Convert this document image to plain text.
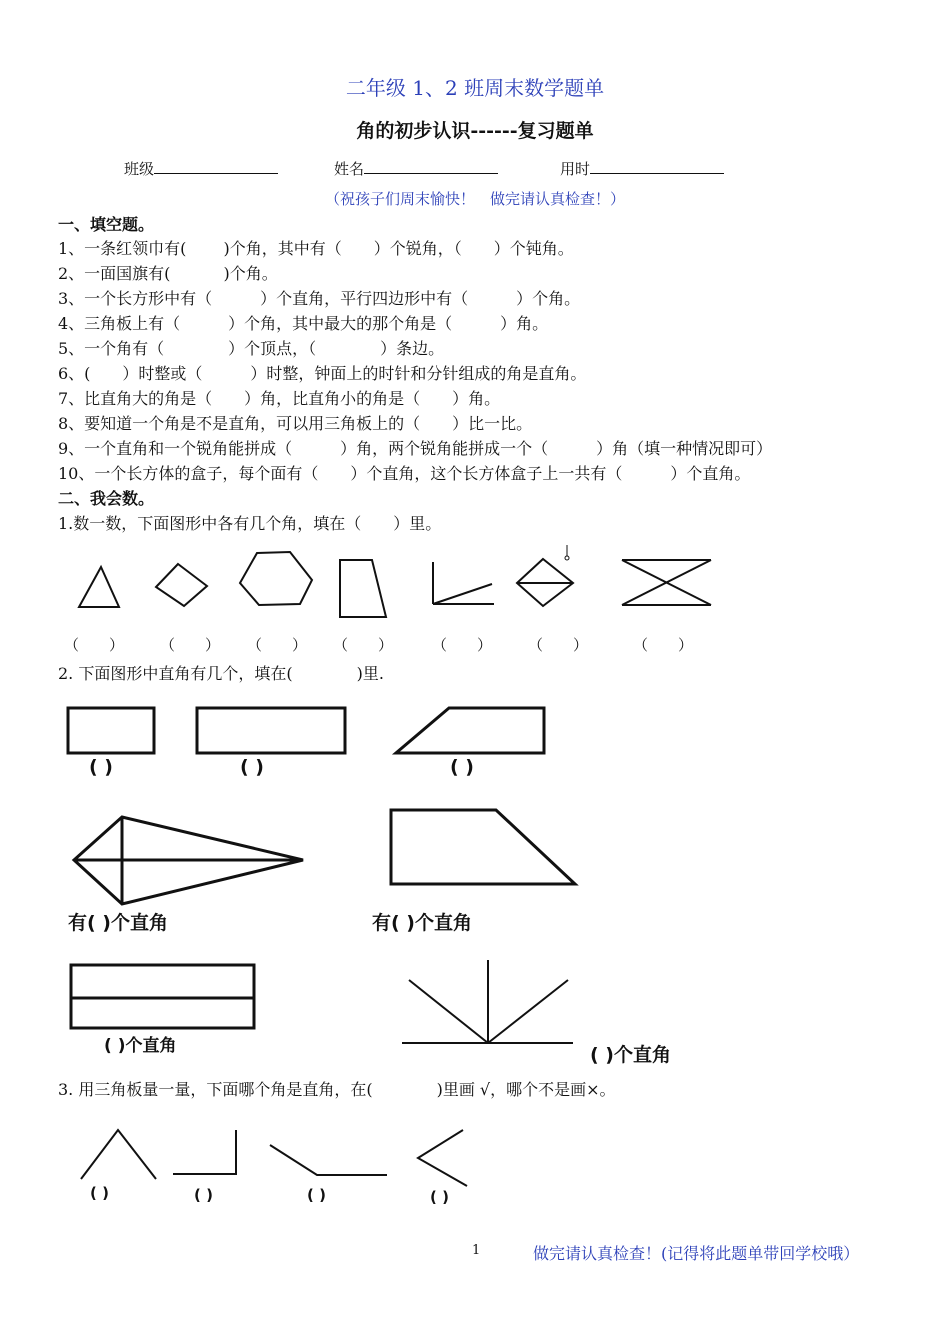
二年级 1、2 班周末数学题单
角的初步认识------复习题单
班级	姓名	用时
（祝孩子们周末愉快！　做完请认真检查！）
一、填空题。
1、一条红领巾有(　　 )个角，其中有（　　）个锐角，（　　）个钝角。
2、一面国旗有(　　　 )个角。
3、一个长方形中有（　　　）个直角，平行四边形中有（　　　）个角。
4、三角板上有（　　　）个角，其中最大的那个角是（　　　）角。
5、一个角有（　　　　）个顶点，（　　　　）条边。
6、(　　）时整或（　　　）时整，钟面上的时针和分针组成的角是直角。
7、比直角大的角是（　　）角，比直角小的角是（　　）角。
8、要知道一个角是不是直角，可以用三角板上的（　　）比一比。
9、一个直角和一个锐角能拼成（　　　）角，两个锐角能拼成一个（　　　）角（填一种情况即可）
10、一个长方体的盒子，每个面有（　　）个直角，这个长方体盒子上一共有（　　　）个直角。
二、我会数。
1.数一数，下面图形中各有几个角，填在（　　）里。
（　　） （　　） （　　） （　　）	（　　） （　　）	（　　）
2. 下面图形中直角有几个，填在(　　　　)里.
( )	( )	( )
有( )个直角	有( )个直角
( )个直角	( )个直角
3. 用三角板量一量，下面哪个角是直角，在(　　　　)里画 √，哪个不是画×。
( )	( )	( )	( )
1	做完请认真检查！(记得将此题单带回学校哦）
